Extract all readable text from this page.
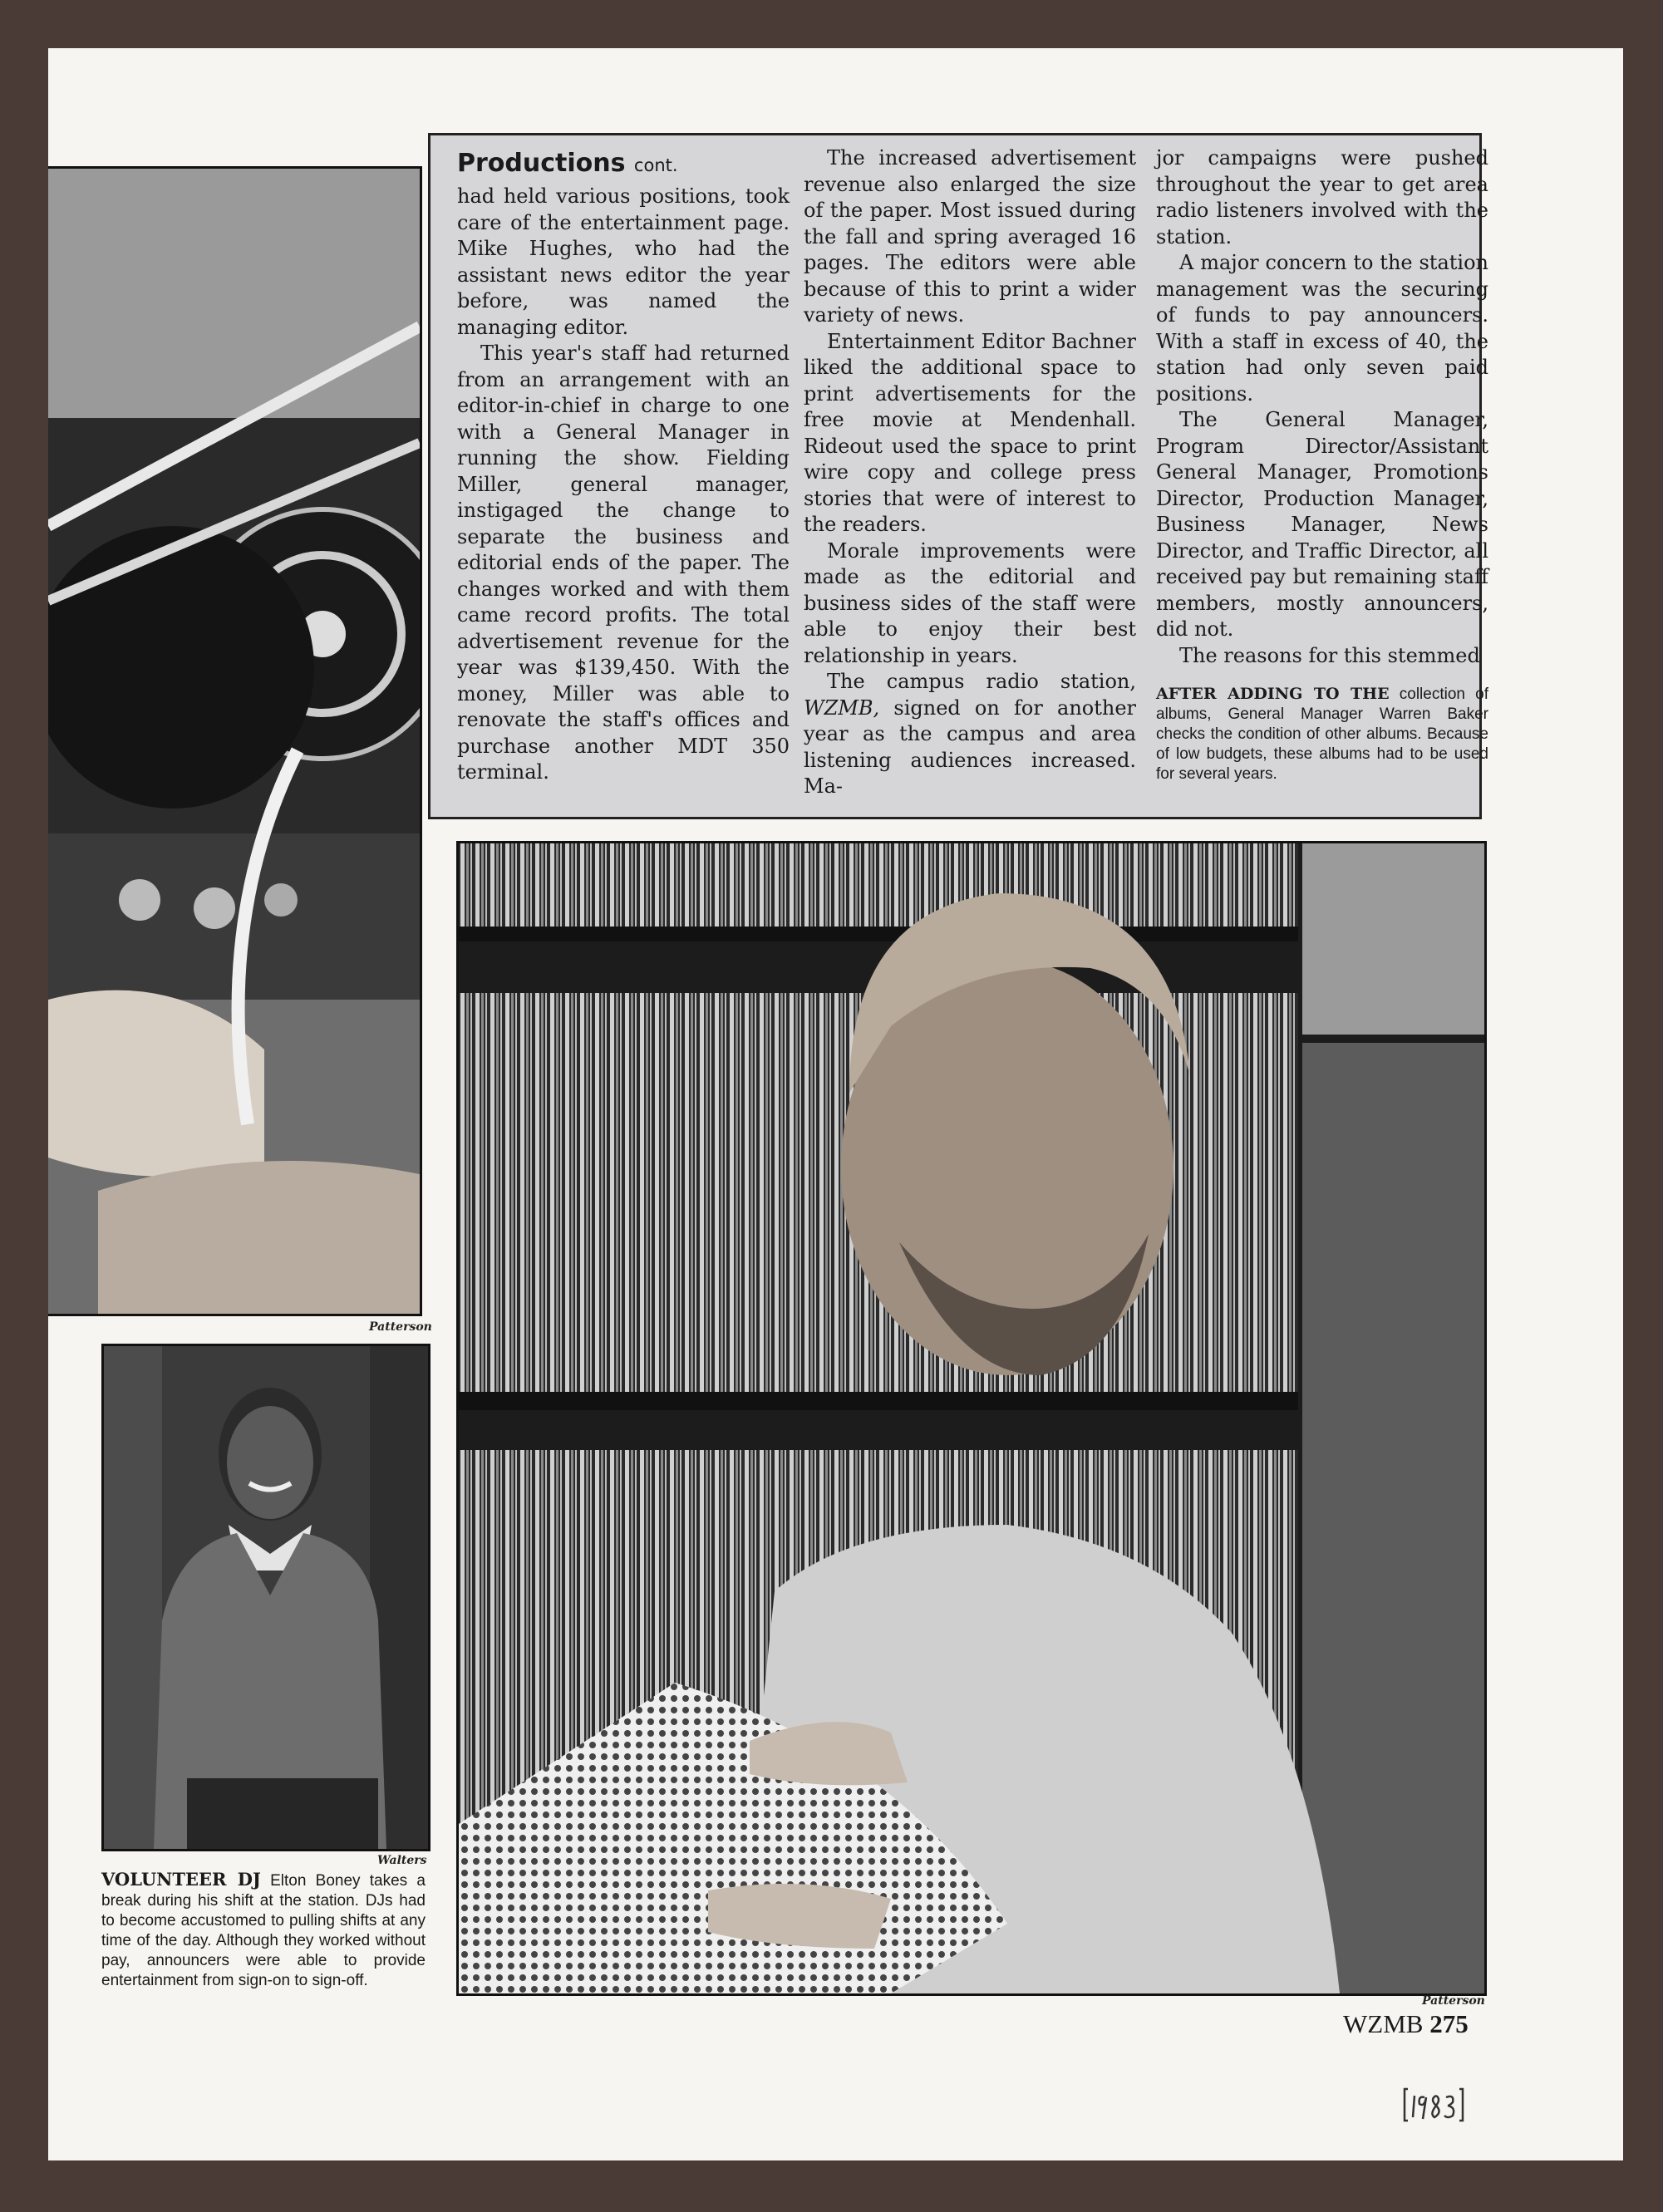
Patterson
Productions cont.

had held various positions, took care of the entertainment page. Mike Hughes, who had the assistant news editor the year before, was named the managing editor.

This year's staff had returned from an arrangement with an editor-in-chief in charge to one with a General Manager in running the show. Fielding Miller, general manager, instigaged the change to separate the business and editorial ends of the paper. The changes worked and with them came record profits. The total advertisement revenue for the year was $139,450. With the money, Miller was able to renovate the staff's offices and purchase another MDT 350 terminal.

The increased advertisement revenue also enlarged the size of the paper. Most issued during the fall and spring averaged 16 pages. The editors were able because of this to print a wider variety of news.

Entertainment Editor Bachner liked the additional space to print advertisements for the free movie at Mendenhall. Rideout used the space to print wire copy and college press stories that were of interest to the readers.

Morale improvements were made as the editorial and business sides of the staff were able to enjoy their best relationship in years.

The campus radio station, WZMB, signed on for another year as the campus and area listening audiences increased. Ma-

jor campaigns were pushed throughout the year to get area radio listeners involved with the station.

A major concern to the station management was the securing of funds to pay announcers. With a staff in excess of 40, the station had only seven paid positions.

The General Manager, Program Director/Assistant General Manager, Promotions Director, Production Manager, Business Manager, News Director, and Traffic Director, all received pay but remaining staff members, mostly announcers, did not.

The reasons for this stemmed

AFTER ADDING TO THE collection of albums, General Manager Warren Baker checks the condition of other albums. Because of low budgets, these albums had to be used for several years.
Walters
VOLUNTEER DJ Elton Boney takes a break during his shift at the station. DJs had to become accustomed to pulling shifts at any time of the day. Although they worked without pay, announcers were able to provide entertainment from sign-on to sign-off.
Patterson
WZMB 275
